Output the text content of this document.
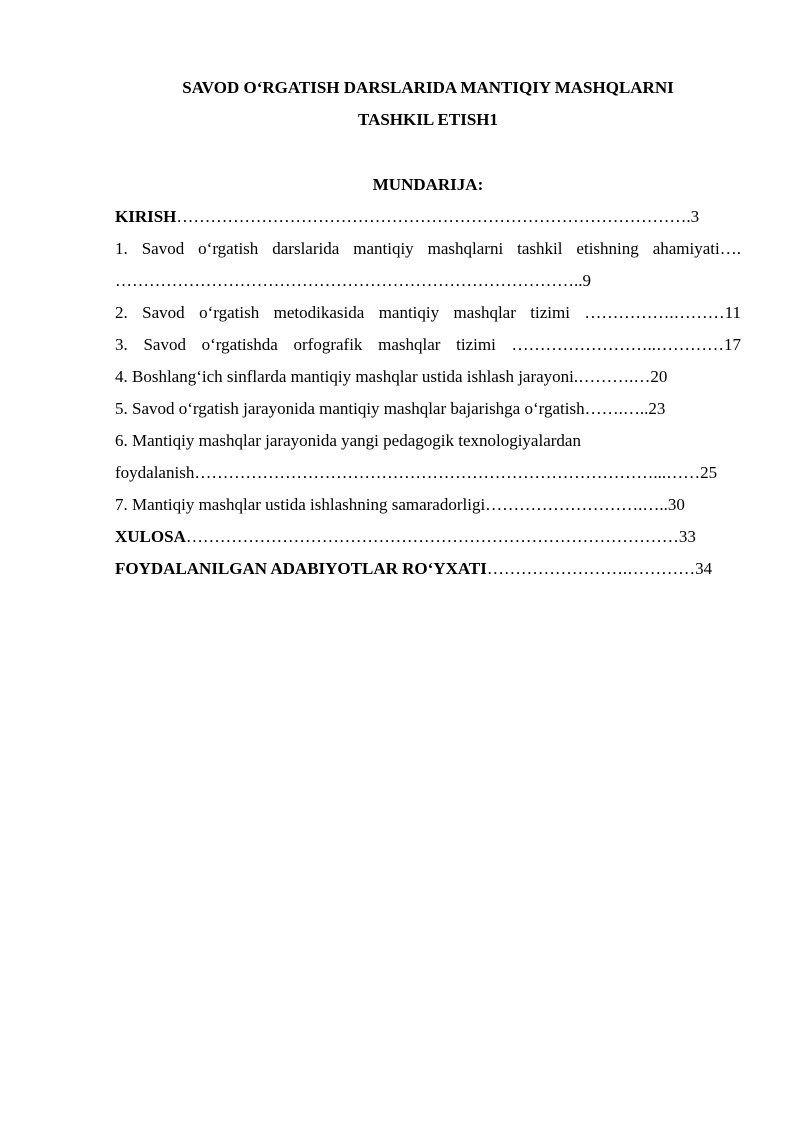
SAVOD O‘RGATISH DARSLARIDA MANTIQIY MASHQLARNI
TASHKIL ETISH1
MUNDARIJA:
KIRISH……………………………………………………………………………….3
1. Savod o‘rgatish darslarida mantiqiy mashqlarni tashkil etishning ahamiyati….
………………………………………………………………………..9
2. Savod o‘rgatish metodikasida mantiqiy mashqlar tizimi …………….………11
3. Savod o‘rgatishda orfografik mashqlar tizimi ……………………..…………17
4. Boshlang‘ich sinflarda mantiqiy mashqlar ustida ishlash jarayoni.……….…20
5. Savod o‘rgatish jarayonida mantiqiy mashqlar bajarishga o‘rgatish…….…..23
6. Mantiqiy mashqlar jarayonida yangi pedagogik texnologiyalardan
foydalanish………………………………………………………………………...……25
7. Mantiqiy mashqlar ustida ishlashning samaradorligi……………………….…..30
XULOSA……………………………………………………………………………33
FOYDALANILGAN ADABIYOTLAR RO‘YXATI…………………….…………34
